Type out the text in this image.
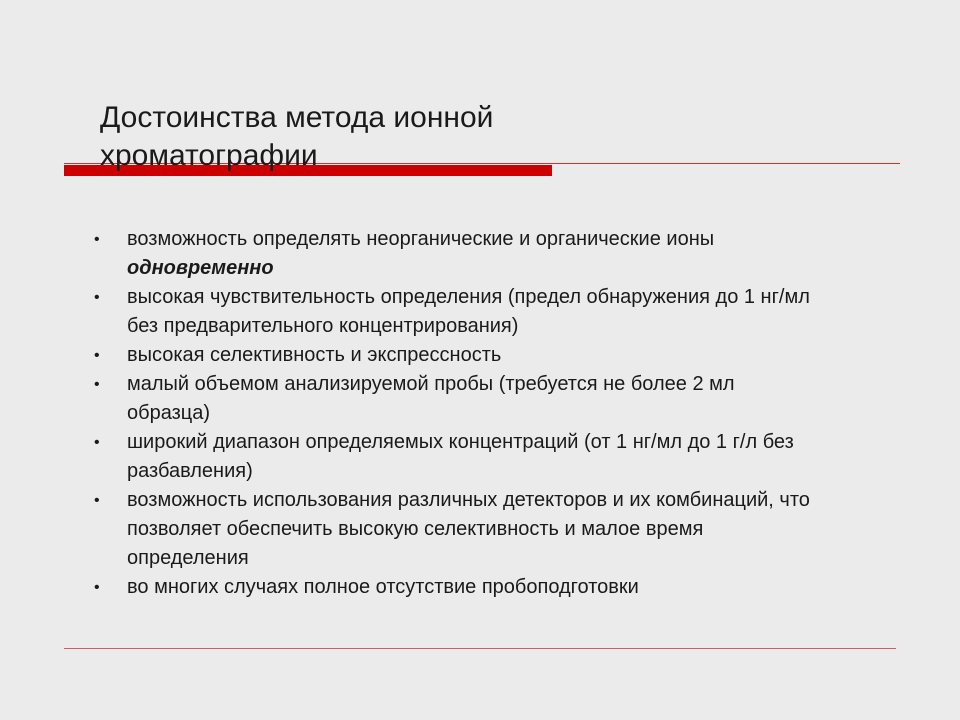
Достоинства метода ионной
хроматографии
• возможность определять неорганические и органические ионы одновременно
• высокая чувствительность определения (предел обнаружения до 1 нг/мл без предварительного концентрирования)
• высокая селективность и экспрессность
• малый объемом анализируемой пробы (требуется не более 2 мл образца)
• широкий диапазон определяемых концентраций (от 1 нг/мл до 1 г/л без разбавления)
• возможность использования различных детекторов и их комбинаций, что позволяет обеспечить высокую селективность и малое время определения
• во многих случаях полное отсутствие пробоподготовки
